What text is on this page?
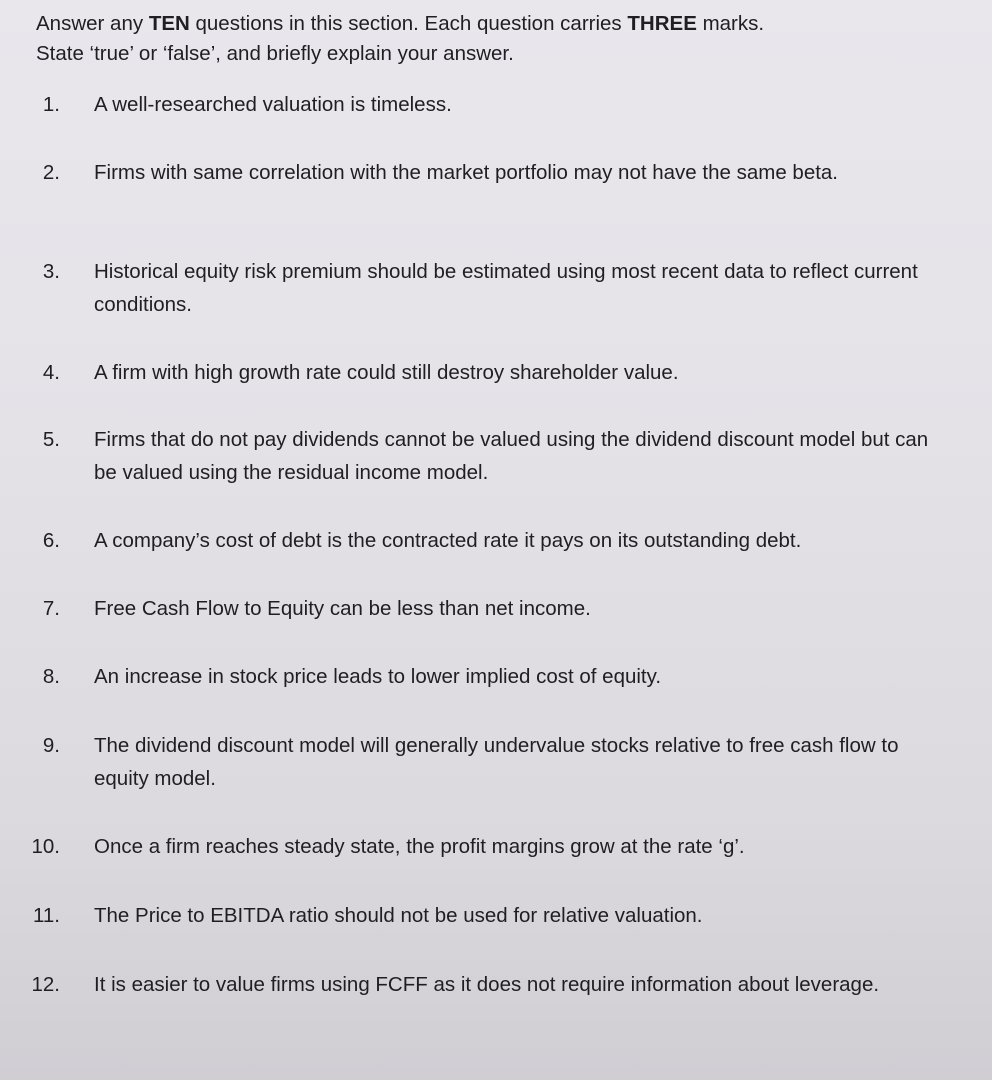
Answer any TEN questions in this section. Each question carries THREE marks.

State ‘true’ or ‘false’, and briefly explain your answer.

1. A well-researched valuation is timeless.
2. Firms with same correlation with the market portfolio may not have the same beta.
3. Historical equity risk premium should be estimated using most recent data to reflect current conditions.
4. A firm with high growth rate could still destroy shareholder value.
5. Firms that do not pay dividends cannot be valued using the dividend discount model but can be valued using the residual income model.
6. A company’s cost of debt is the contracted rate it pays on its outstanding debt.
7. Free Cash Flow to Equity can be less than net income.
8. An increase in stock price leads to lower implied cost of equity.
9. The dividend discount model will generally undervalue stocks relative to free cash flow to equity model.
10. Once a firm reaches steady state, the profit margins grow at the rate ‘g’.
11. The Price to EBITDA ratio should not be used for relative valuation.
12. It is easier to value firms using FCFF as it does not require information about leverage.
